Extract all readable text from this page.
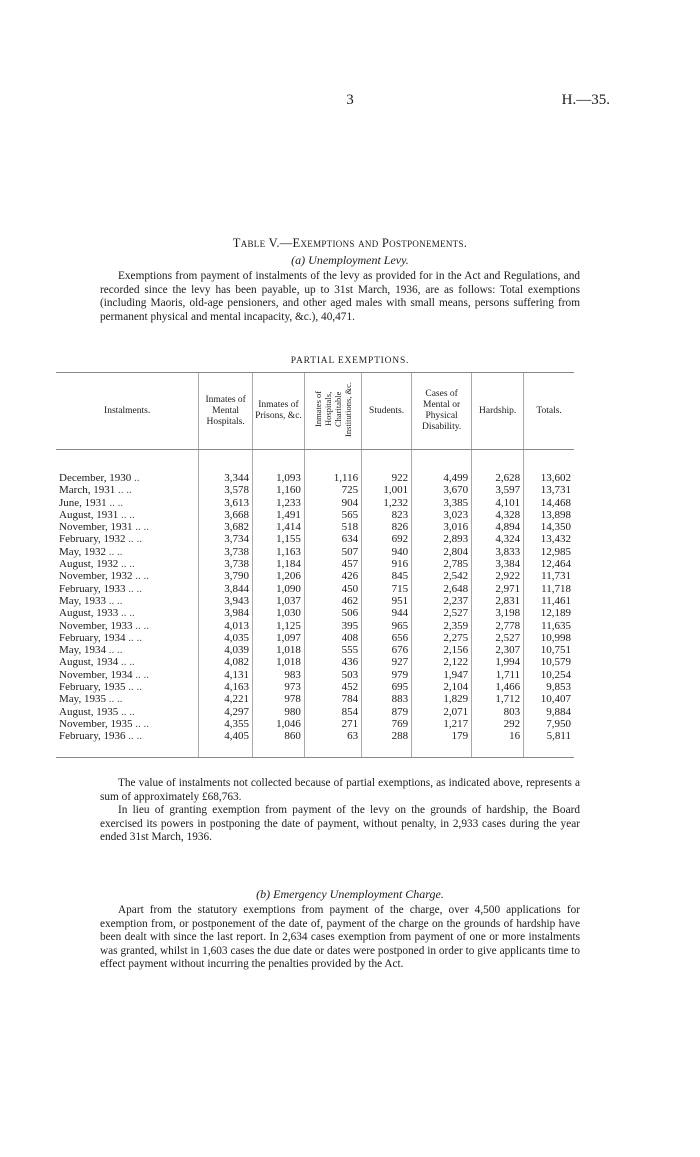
3	H.—35.
Table V.—Exemptions and Postponements.
(a) Unemployment Levy.

Exemptions from payment of instalments of the levy as provided for in the Act and Regulations, and recorded since the levy has been payable, up to 31st March, 1936, are as follows: Total exemptions (including Maoris, old-age pensioners, and other aged males with small means, persons suffering from permanent physical and mental incapacity, &c.), 40,471.

PARTIAL EXEMPTIONS.
Instalments.	Inmates of Mental Hospitals.	Inmates of Prisons, &c.	Inmates of Hospitals, Charitable Institutions, &c.	Students.	Cases of Mental or Physical Disability.	Hardship.	Totals.

December, 1930 ..	3,344	1,093	1,116	922	4,499	2,628	13,602
March, 1931 .. ..	3,578	1,160	725	1,001	3,670	3,597	13,731
June, 1931 .. ..	3,613	1,233	904	1,232	3,385	4,101	14,468
August, 1931 .. ..	3,668	1,491	565	823	3,023	4,328	13,898
November, 1931 .. ..	3,682	1,414	518	826	3,016	4,894	14,350
February, 1932 .. ..	3,734	1,155	634	692	2,893	4,324	13,432
May, 1932 .. ..	3,738	1,163	507	940	2,804	3,833	12,985
August, 1932 .. ..	3,738	1,184	457	916	2,785	3,384	12,464
November, 1932 .. ..	3,790	1,206	426	845	2,542	2,922	11,731
February, 1933 .. ..	3,844	1,090	450	715	2,648	2,971	11,718
May, 1933 .. ..	3,943	1,037	462	951	2,237	2,831	11,461
August, 1933 .. ..	3,984	1,030	506	944	2,527	3,198	12,189
November, 1933 .. ..	4,013	1,125	395	965	2,359	2,778	11,635
February, 1934 .. ..	4,035	1,097	408	656	2,275	2,527	10,998
May, 1934 .. ..	4,039	1,018	555	676	2,156	2,307	10,751
August, 1934 .. ..	4,082	1,018	436	927	2,122	1,994	10,579
November, 1934 .. ..	4,131	983	503	979	1,947	1,711	10,254
February, 1935 .. ..	4,163	973	452	695	2,104	1,466	9,853
May, 1935 .. ..	4,221	978	784	883	1,829	1,712	10,407
August, 1935 .. ..	4,297	980	854	879	2,071	803	9,884
November, 1935 .. ..	4,355	1,046	271	769	1,217	292	7,950
February, 1936 .. ..	4,405	860	63	288	179	16	5,811

The value of instalments not collected because of partial exemptions, as indicated above, represents a sum of approximately £68,763.

In lieu of granting exemption from payment of the levy on the grounds of hardship, the Board exercised its powers in postponing the date of payment, without penalty, in 2,933 cases during the year ended 31st March, 1936.

(b) Emergency Unemployment Charge.

Apart from the statutory exemptions from payment of the charge, over 4,500 applications for exemption from, or postponement of the date of, payment of the charge on the grounds of hardship have been dealt with since the last report. In 2,634 cases exemption from payment of one or more instalments was granted, whilst in 1,603 cases the due date or dates were postponed in order to give applicants time to effect payment without incurring the penalties provided by the Act.
